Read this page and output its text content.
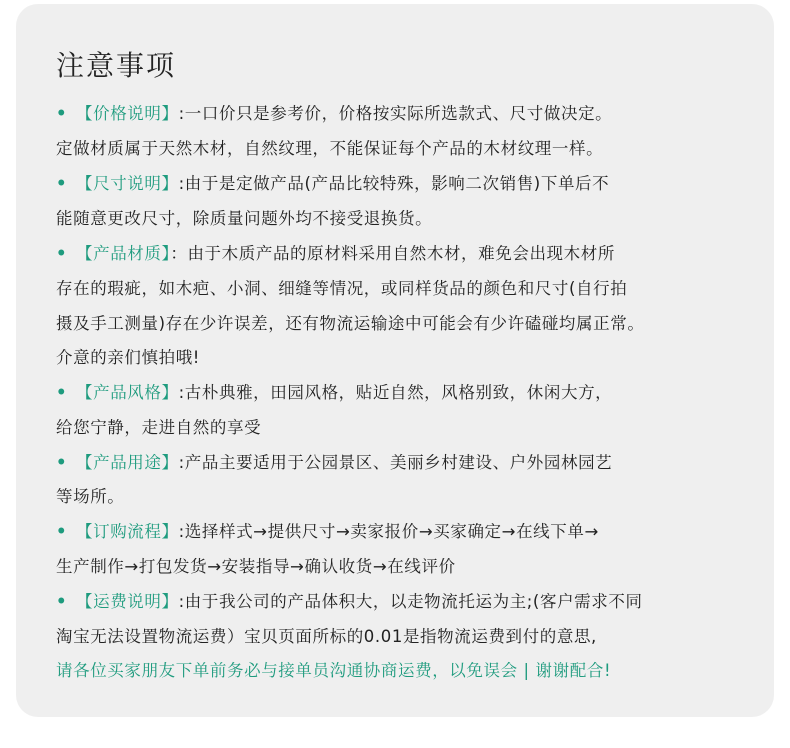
注意事项
• 【价格说明】:一口价只是参考价，价格按实际所选款式、尺寸做决定。
定做材质属于天然木材，自然纹理，不能保证每个产品的木材纹理一样。
• 【尺寸说明】:由于是定做产品(产品比较特殊，影响二次销售)下单后不
能随意更改尺寸，除质量问题外均不接受退换货。
• 【产品材质】：由于木质产品的原材料采用自然木材，难免会出现木材所
存在的瑕疵，如木疤、小洞、细缝等情况，或同样货品的颜色和尺寸(自行拍
摄及手工测量)存在少许误差，还有物流运输途中可能会有少许磕碰均属正常。
介意的亲们慎拍哦!
• 【产品风格】:古朴典雅，田园风格，贴近自然，风格别致，休闲大方，
给您宁静，走进自然的享受
• 【产品用途】:产品主要适用于公园景区、美丽乡村建设、户外园林园艺
等场所。
• 【订购流程】:选择样式→提供尺寸→卖家报价→买家确定→在线下单→
生产制作→打包发货→安装指导→确认收货→在线评价
• 【运费说明】:由于我公司的产品体积大，以走物流托运为主;(客户需求不同
淘宝无法设置物流运费）宝贝页面所标的0.01是指物流运费到付的意思,
请各位买家朋友下单前务必与接单员沟通协商运费，以免误会 | 谢谢配合!
